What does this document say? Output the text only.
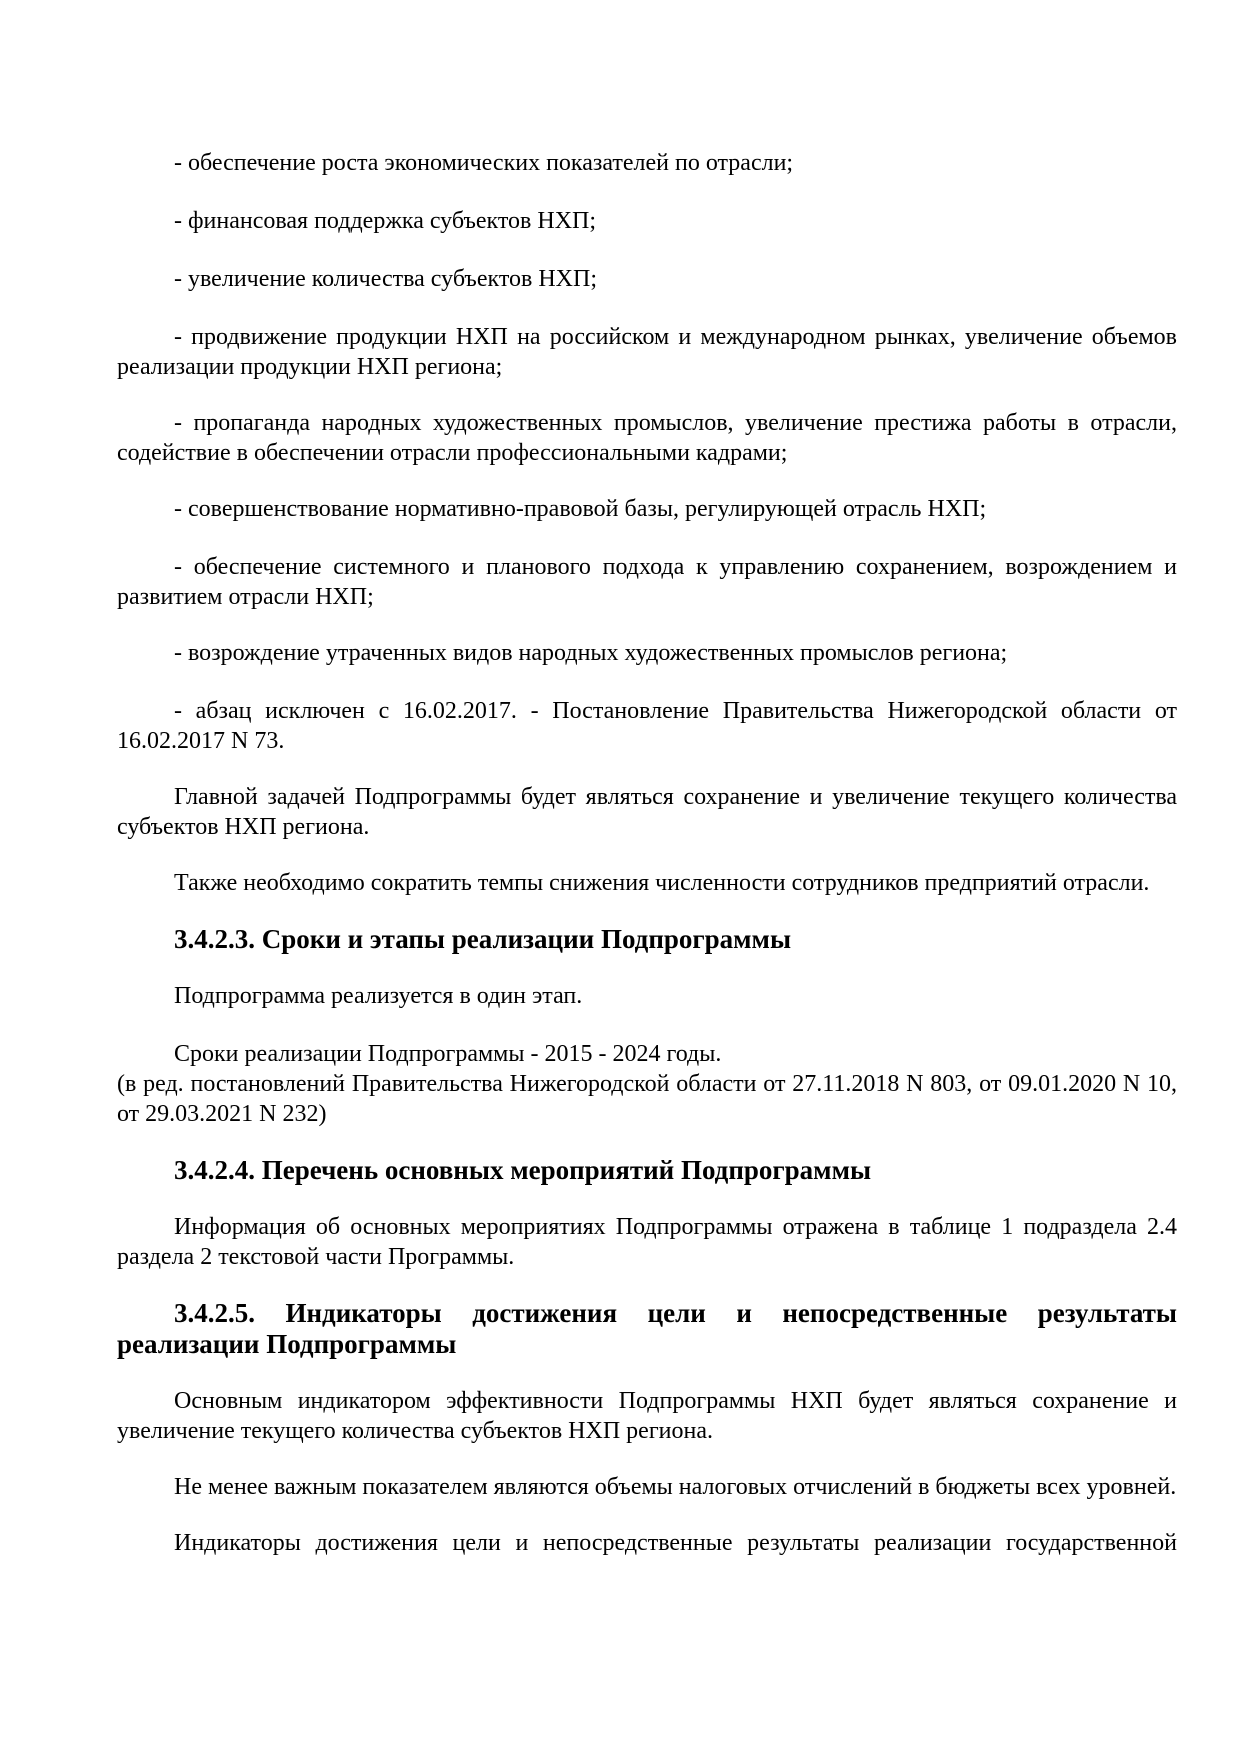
- обеспечение роста экономических показателей по отрасли;

- финансовая поддержка субъектов НХП;

- увеличение количества субъектов НХП;

- продвижение продукции НХП на российском и международном рынках, увеличение объемов реализации продукции НХП региона;

- пропаганда народных художественных промыслов, увеличение престижа работы в отрасли, содействие в обеспечении отрасли профессиональными кадрами;

- совершенствование нормативно-правовой базы, регулирующей отрасль НХП;

- обеспечение системного и планового подхода к управлению сохранением, возрождением и развитием отрасли НХП;

- возрождение утраченных видов народных художественных промыслов региона;

- абзац исключен с 16.02.2017. - Постановление Правительства Нижегородской области от 16.02.2017 N 73.

Главной задачей Подпрограммы будет являться сохранение и увеличение текущего количества субъектов НХП региона.

Также необходимо сократить темпы снижения численности сотрудников предприятий отрасли.

3.4.2.3. Сроки и этапы реализации Подпрограммы

Подпрограмма реализуется в один этап.

Сроки реализации Подпрограммы - 2015 - 2024 годы.

(в ред. постановлений Правительства Нижегородской области от 27.11.2018 N 803, от 09.01.2020 N 10, от 29.03.2021 N 232)

3.4.2.4. Перечень основных мероприятий Подпрограммы

Информация об основных мероприятиях Подпрограммы отражена в таблице 1 подраздела 2.4 раздела 2 текстовой части Программы.

3.4.2.5. Индикаторы достижения цели и непосредственные результаты реализации Подпрограммы

Основным индикатором эффективности Подпрограммы НХП будет являться сохранение и увеличение текущего количества субъектов НХП региона.

Не менее важным показателем являются объемы налоговых отчислений в бюджеты всех уровней.

Индикаторы достижения цели и непосредственные результаты реализации государственной
